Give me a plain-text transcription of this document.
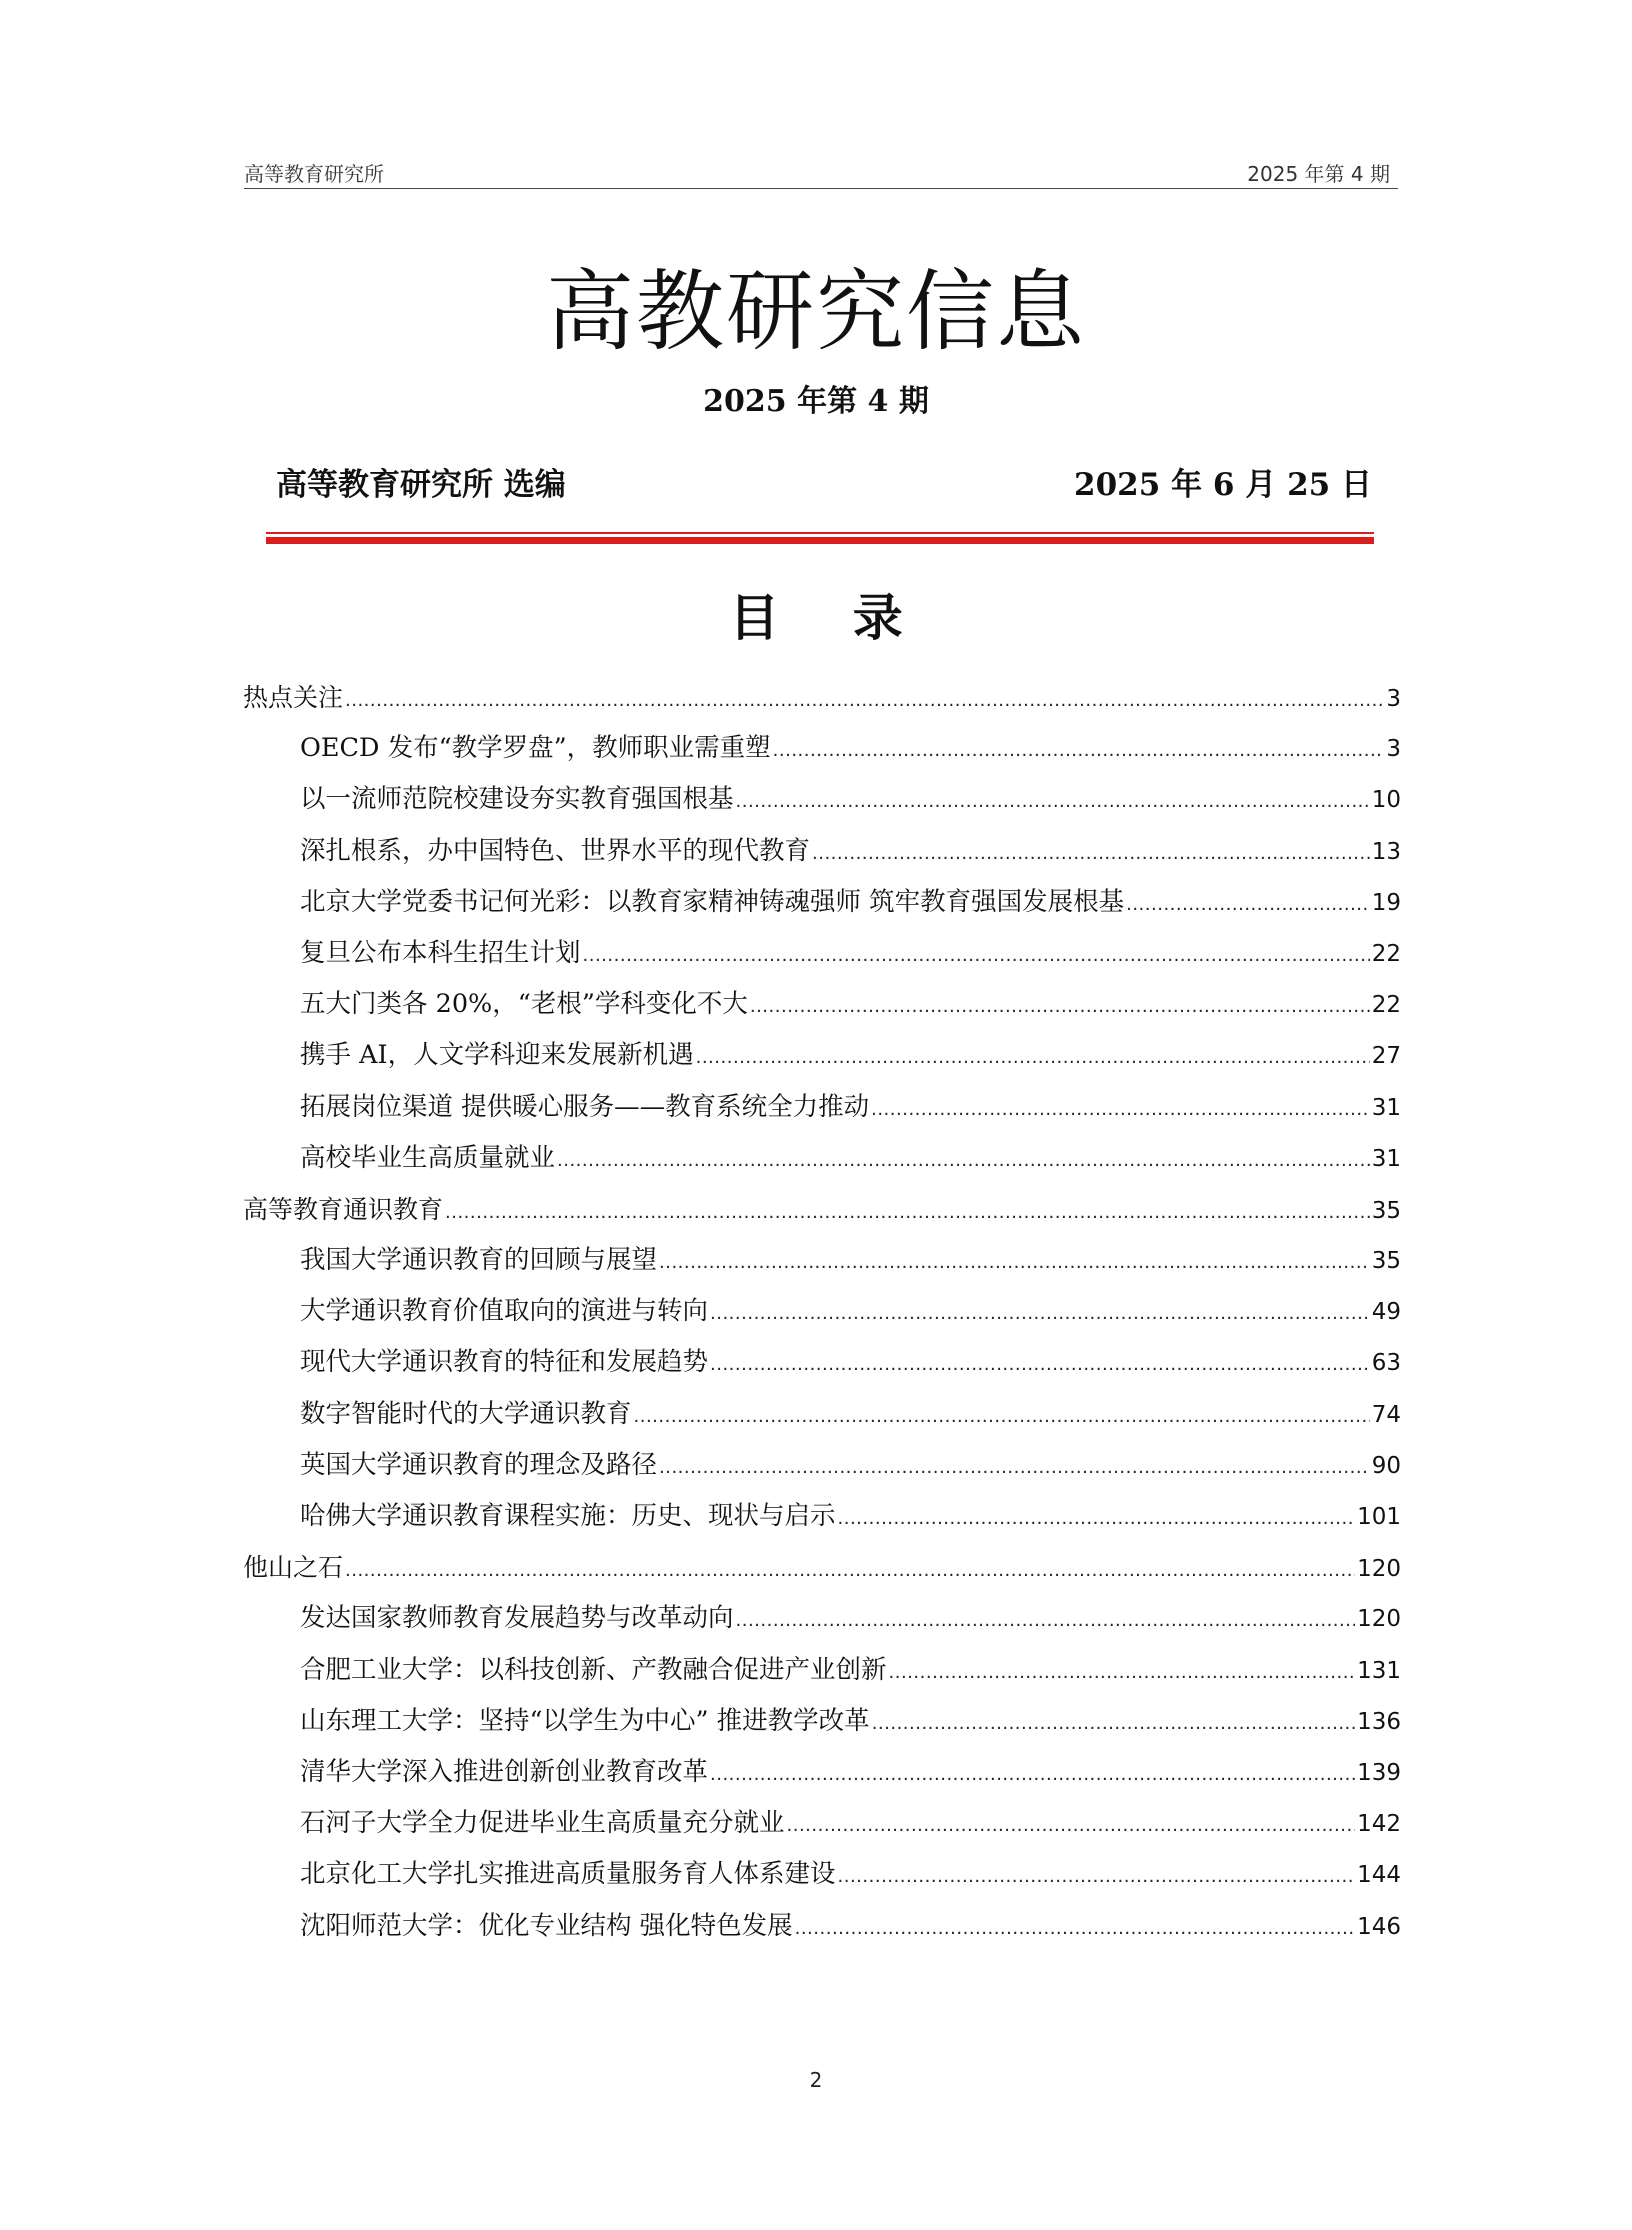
高等教育研究所	2025 年第 4 期
高教研究信息
2025 年第 4 期
高等教育研究所 选编	2025 年 6 月 25 日
目 录
热点关注 .....	3
OECD 发布“教学罗盘”，教师职业需重塑 .....	3
以一流师范院校建设夯实教育强国根基 .....	10
深扎根系，办中国特色、世界水平的现代教育 .....	13
北京大学党委书记何光彩：以教育家精神铸魂强师 筑牢教育强国发展根基 .....	19
复旦公布本科生招生计划 .....	22
五大门类各 20%，“老根”学科变化不大 .....	22
携手 AI，人文学科迎来发展新机遇 .....	27
拓展岗位渠道 提供暖心服务——教育系统全力推动 .....	31
高校毕业生高质量就业 .....	31
高等教育通识教育 .....	35
我国大学通识教育的回顾与展望 .....	35
大学通识教育价值取向的演进与转向 .....	49
现代大学通识教育的特征和发展趋势 .....	63
数字智能时代的大学通识教育 .....	74
英国大学通识教育的理念及路径 .....	90
哈佛大学通识教育课程实施：历史、现状与启示 .....	101
他山之石 .....	120
发达国家教师教育发展趋势与改革动向 .....	120
合肥工业大学：以科技创新、产教融合促进产业创新 .....	131
山东理工大学：坚持“以学生为中心” 推进教学改革 .....	136
清华大学深入推进创新创业教育改革 .....	139
石河子大学全力促进毕业生高质量充分就业 .....	142
北京化工大学扎实推进高质量服务育人体系建设 .....	144
沈阳师范大学：优化专业结构 强化特色发展 .....	146
2
